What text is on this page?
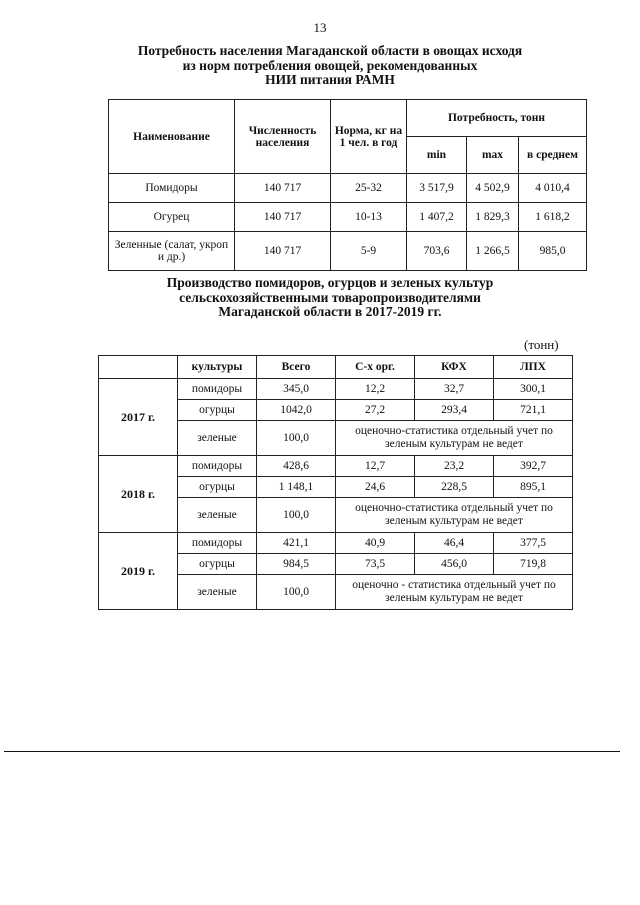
13
Потребность населения Магаданской области в овощах исходя
из норм потребления овощей, рекомендованных
НИИ питания РАМН
Наименование	Численность населения	Норма, кг на 1 чел. в год	Потребность, тонн		
			min	max	в среднем
Помидоры	140 717	25-32	3 517,9	4 502,9	4 010,4
Огурец	140 717	10-13	1 407,2	1 829,3	1 618,2
Зеленные (салат, укроп и др.)	140 717	5-9	703,6	1 266,5	985,0
Производство помидоров, огурцов и зеленых культур
сельскохозяйственными товаропроизводителями
Магаданской области в 2017-2019 гг.
(тонн)
	культуры	Всего	С-х орг.	КФХ	ЛПХ
2017 г.	помидоры	345,0	12,2	32,7	300,1
	огурцы	1042,0	27,2	293,4	721,1
	зеленые	100,0	оценочно-статистика отдельный учет по зеленым культурам не ведет		
2018 г.	помидоры	428,6	12,7	23,2	392,7
	огурцы	1 148,1	24,6	228,5	895,1
	зеленые	100,0	оценочно-статистика отдельный учет по зеленым культурам не ведет		
2019 г.	помидоры	421,1	40,9	46,4	377,5
	огурцы	984,5	73,5	456,0	719,8
	зеленые	100,0	оценочно - статистика отдельный учет по зеленым культурам не ведет		
